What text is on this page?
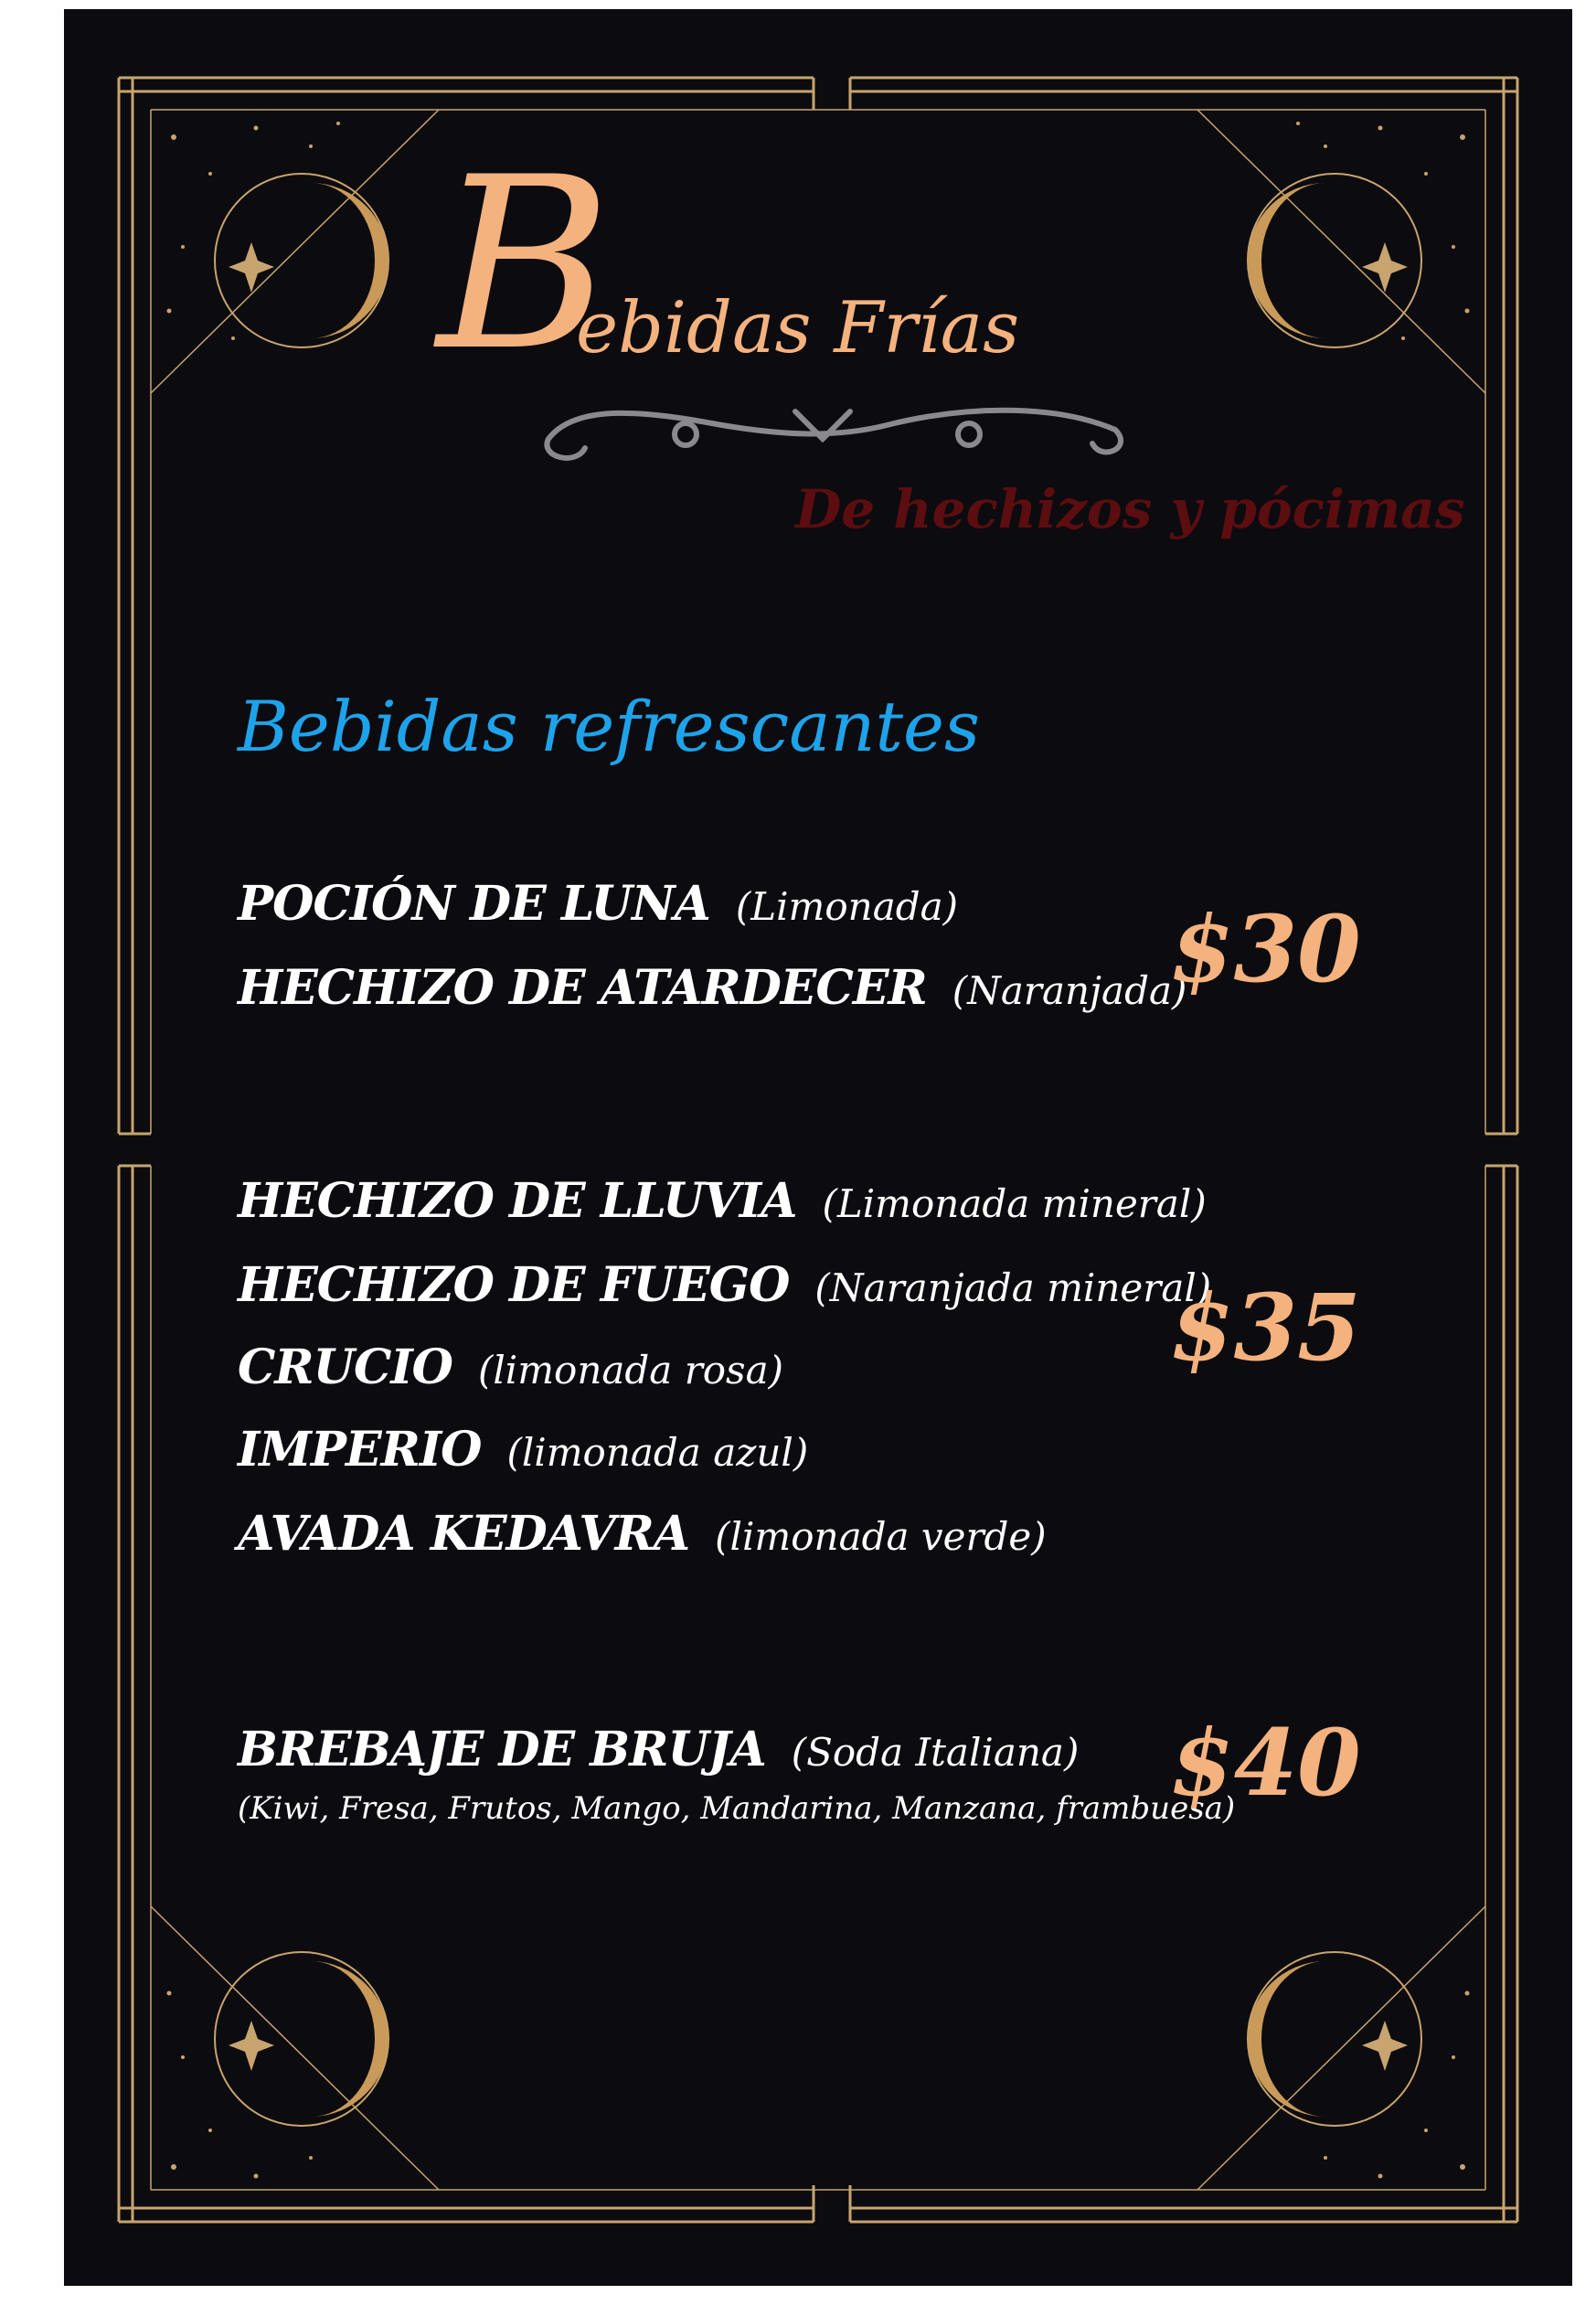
B
ebidas Frías
De hechizos y pócimas
Bebidas refrescantes
POCIÓN DE LUNA (Limonada)
HECHIZO DE ATARDECER (Naranjada)
$30
HECHIZO DE LLUVIA (Limonada mineral)
HECHIZO DE FUEGO (Naranjada mineral)
CRUCIO (limonada rosa)
IMPERIO (limonada azul)
AVADA KEDAVRA (limonada verde)
$35
BREBAJE DE BRUJA (Soda Italiana)
(Kiwi, Fresa, Frutos, Mango, Mandarina, Manzana, frambuesa)
$40
